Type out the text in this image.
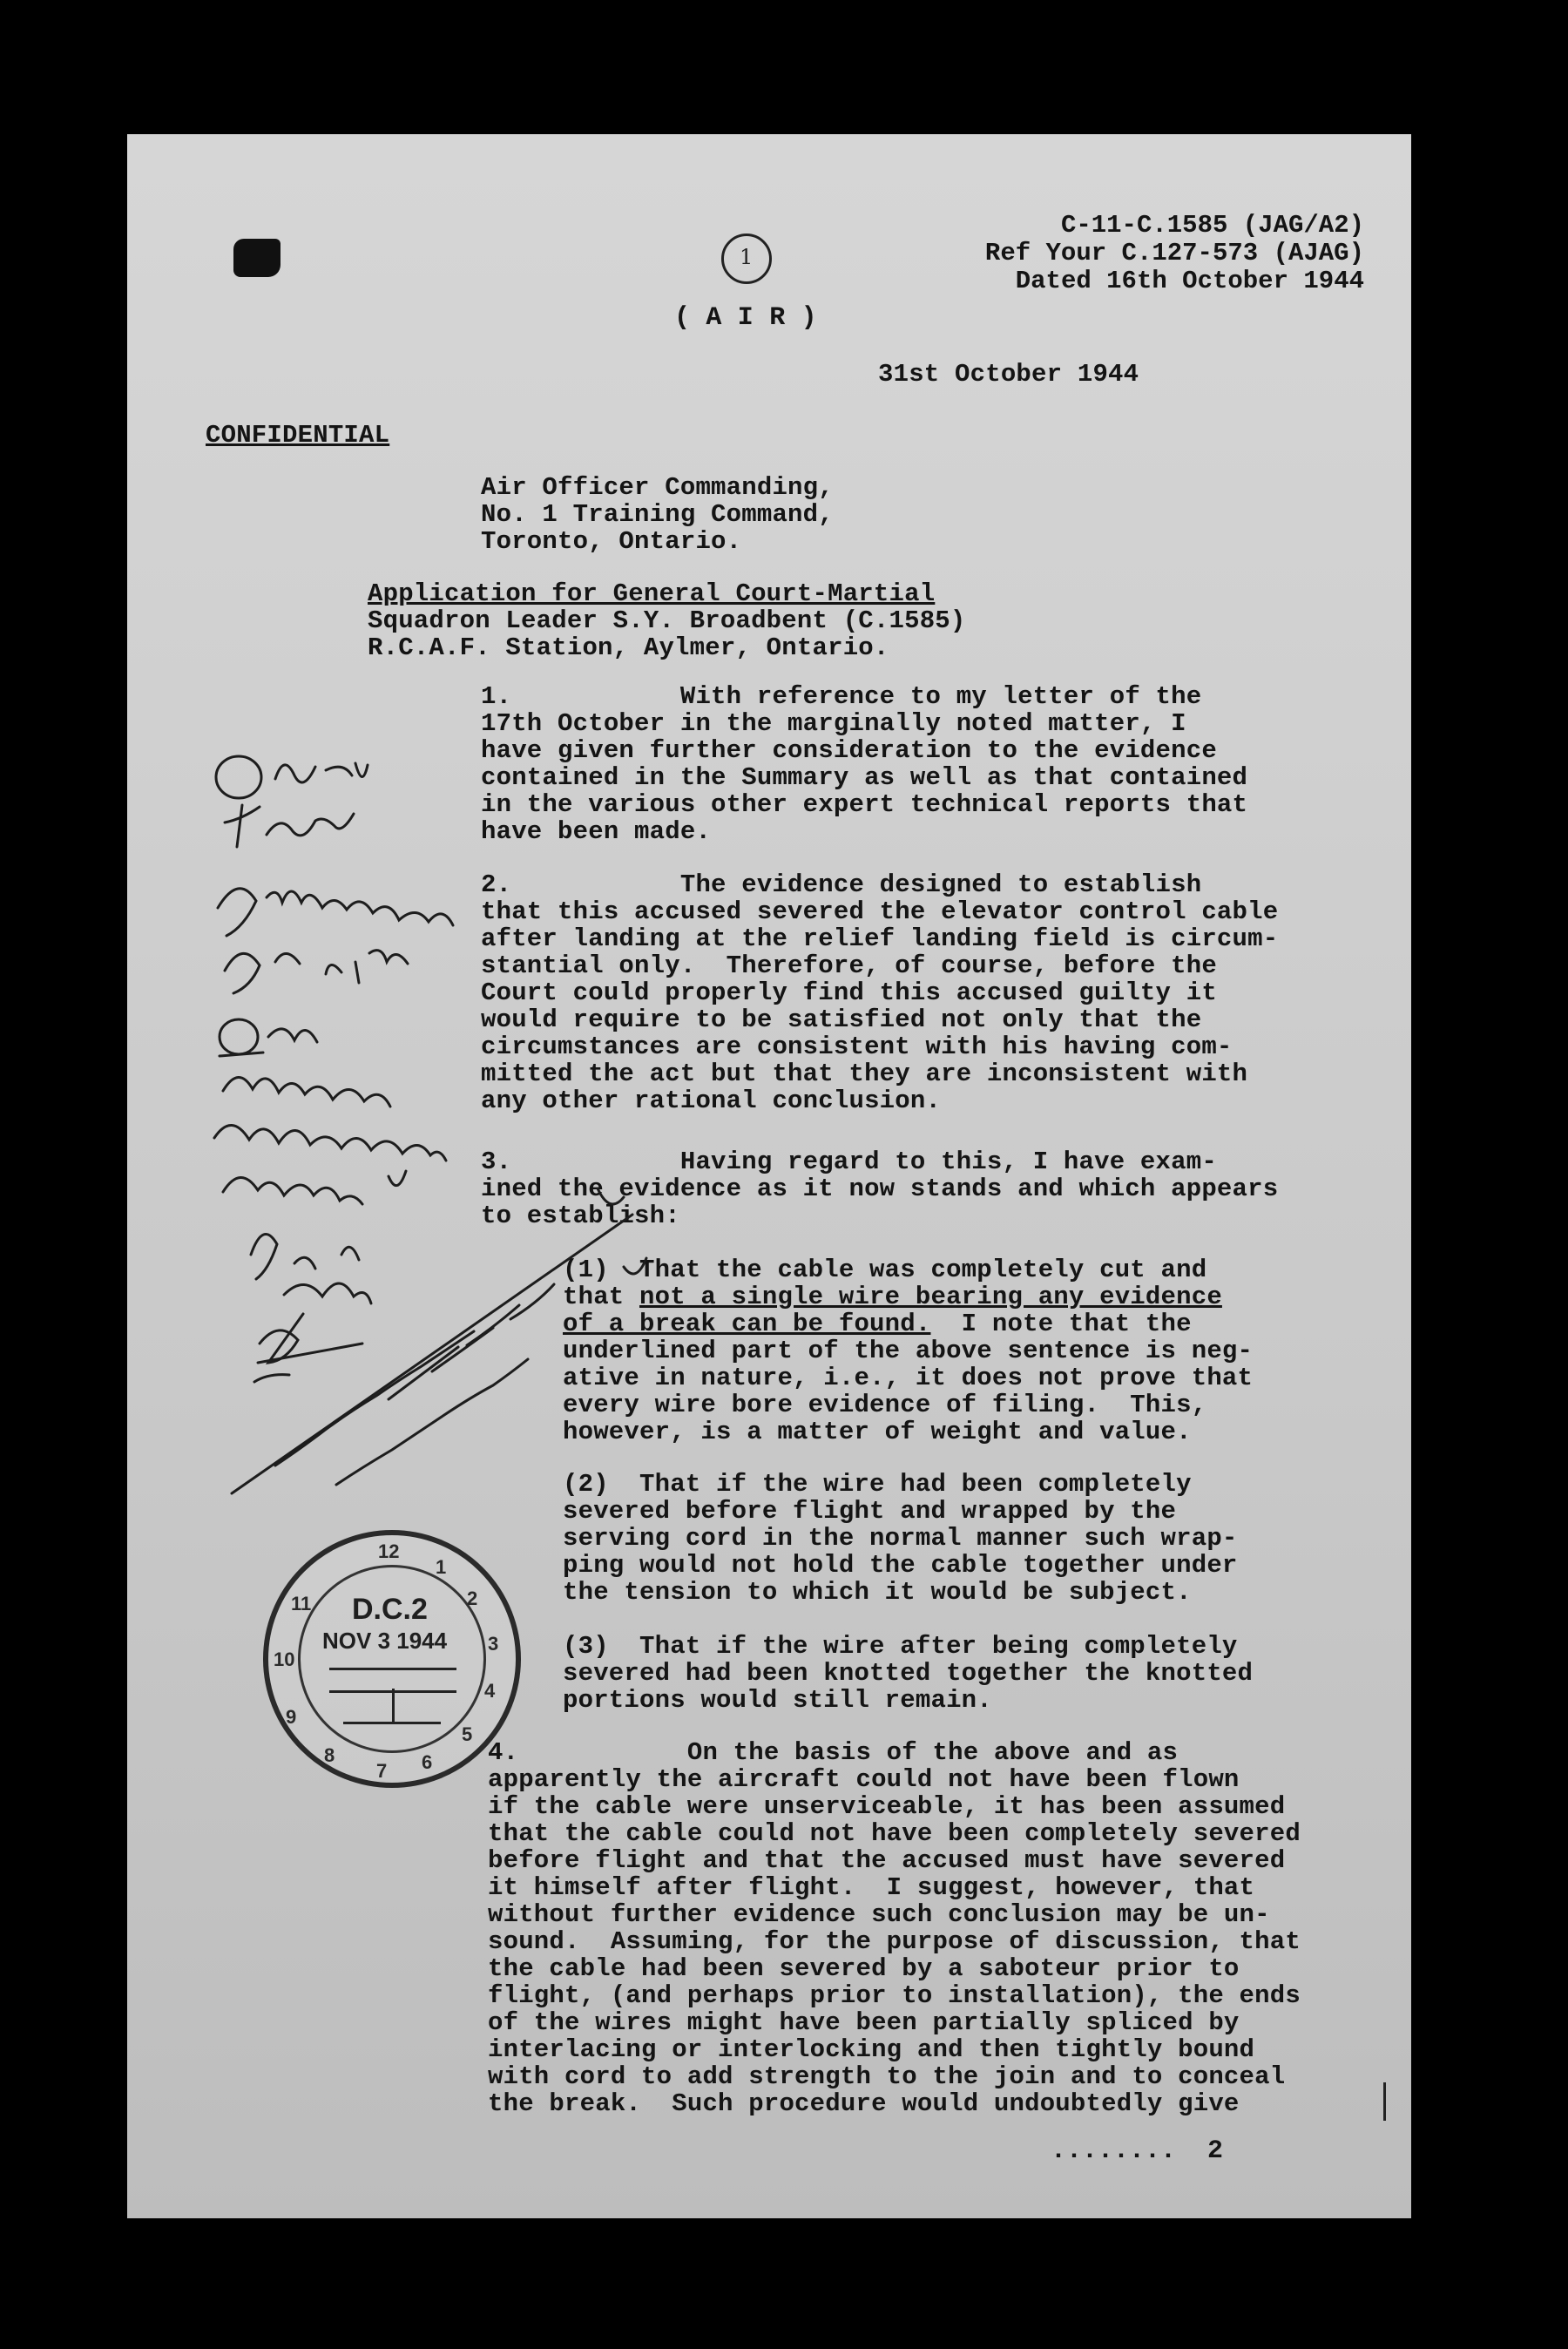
1
C-11-C.1585 (JAG/A2)
Ref Your C.127-573 (AJAG)
Dated 16th October 1944
( A I R )
31st October 1944
CONFIDENTIAL
Air Officer Commanding,
No. 1 Training Command,
Toronto, Ontario.
Application for General Court-Martial
Squadron Leader S.Y. Broadbent (C.1585)
R.C.A.F. Station, Aylmer, Ontario.
1.           With reference to my letter of the
17th October in the marginally noted matter, I
have given further consideration to the evidence
contained in the Summary as well as that contained
in the various other expert technical reports that
have been made.
2.           The evidence designed to establish
that this accused severed the elevator control cable
after landing at the relief landing field is circum-
stantial only.  Therefore, of course, before the
Court could properly find this accused guilty it
would require to be satisfied not only that the
circumstances are consistent with his having com-
mitted the act but that they are inconsistent with
any other rational conclusion.
3.           Having regard to this, I have exam-
ined the evidence as it now stands and which appears
to establish:
(1)  That the cable was completely cut and
that not a single wire bearing any evidence
of a break can be found.  I note that the
underlined part of the above sentence is neg-
ative in nature, i.e., it does not prove that
every wire bore evidence of filing.  This,
however, is a matter of weight and value.
(2)  That if the wire had been completely
severed before flight and wrapped by the
serving cord in the normal manner such wrap-
ping would not hold the cable together under
the tension to which it would be subject.
(3)  That if the wire after being completely
severed had been knotted together the knotted
portions would still remain.
4.           On the basis of the above and as
apparently the aircraft could not have been flown
if the cable were unserviceable, it has been assumed
that the cable could not have been completely severed
before flight and that the accused must have severed
it himself after flight.  I suggest, however, that
without further evidence such conclusion may be un-
sound.  Assuming, for the purpose of discussion, that
the cable had been severed by a saboteur prior to
flight, (and perhaps prior to installation), the ends
of the wires might have been partially spliced by
interlacing or interlocking and then tightly bound
with cord to add strength to the join and to conceal
the break.  Such procedure would undoubtedly give
........  2
D.C.2
NOV 3 1944
12
1
2
3
4
5
6
7
8
9
10
11
